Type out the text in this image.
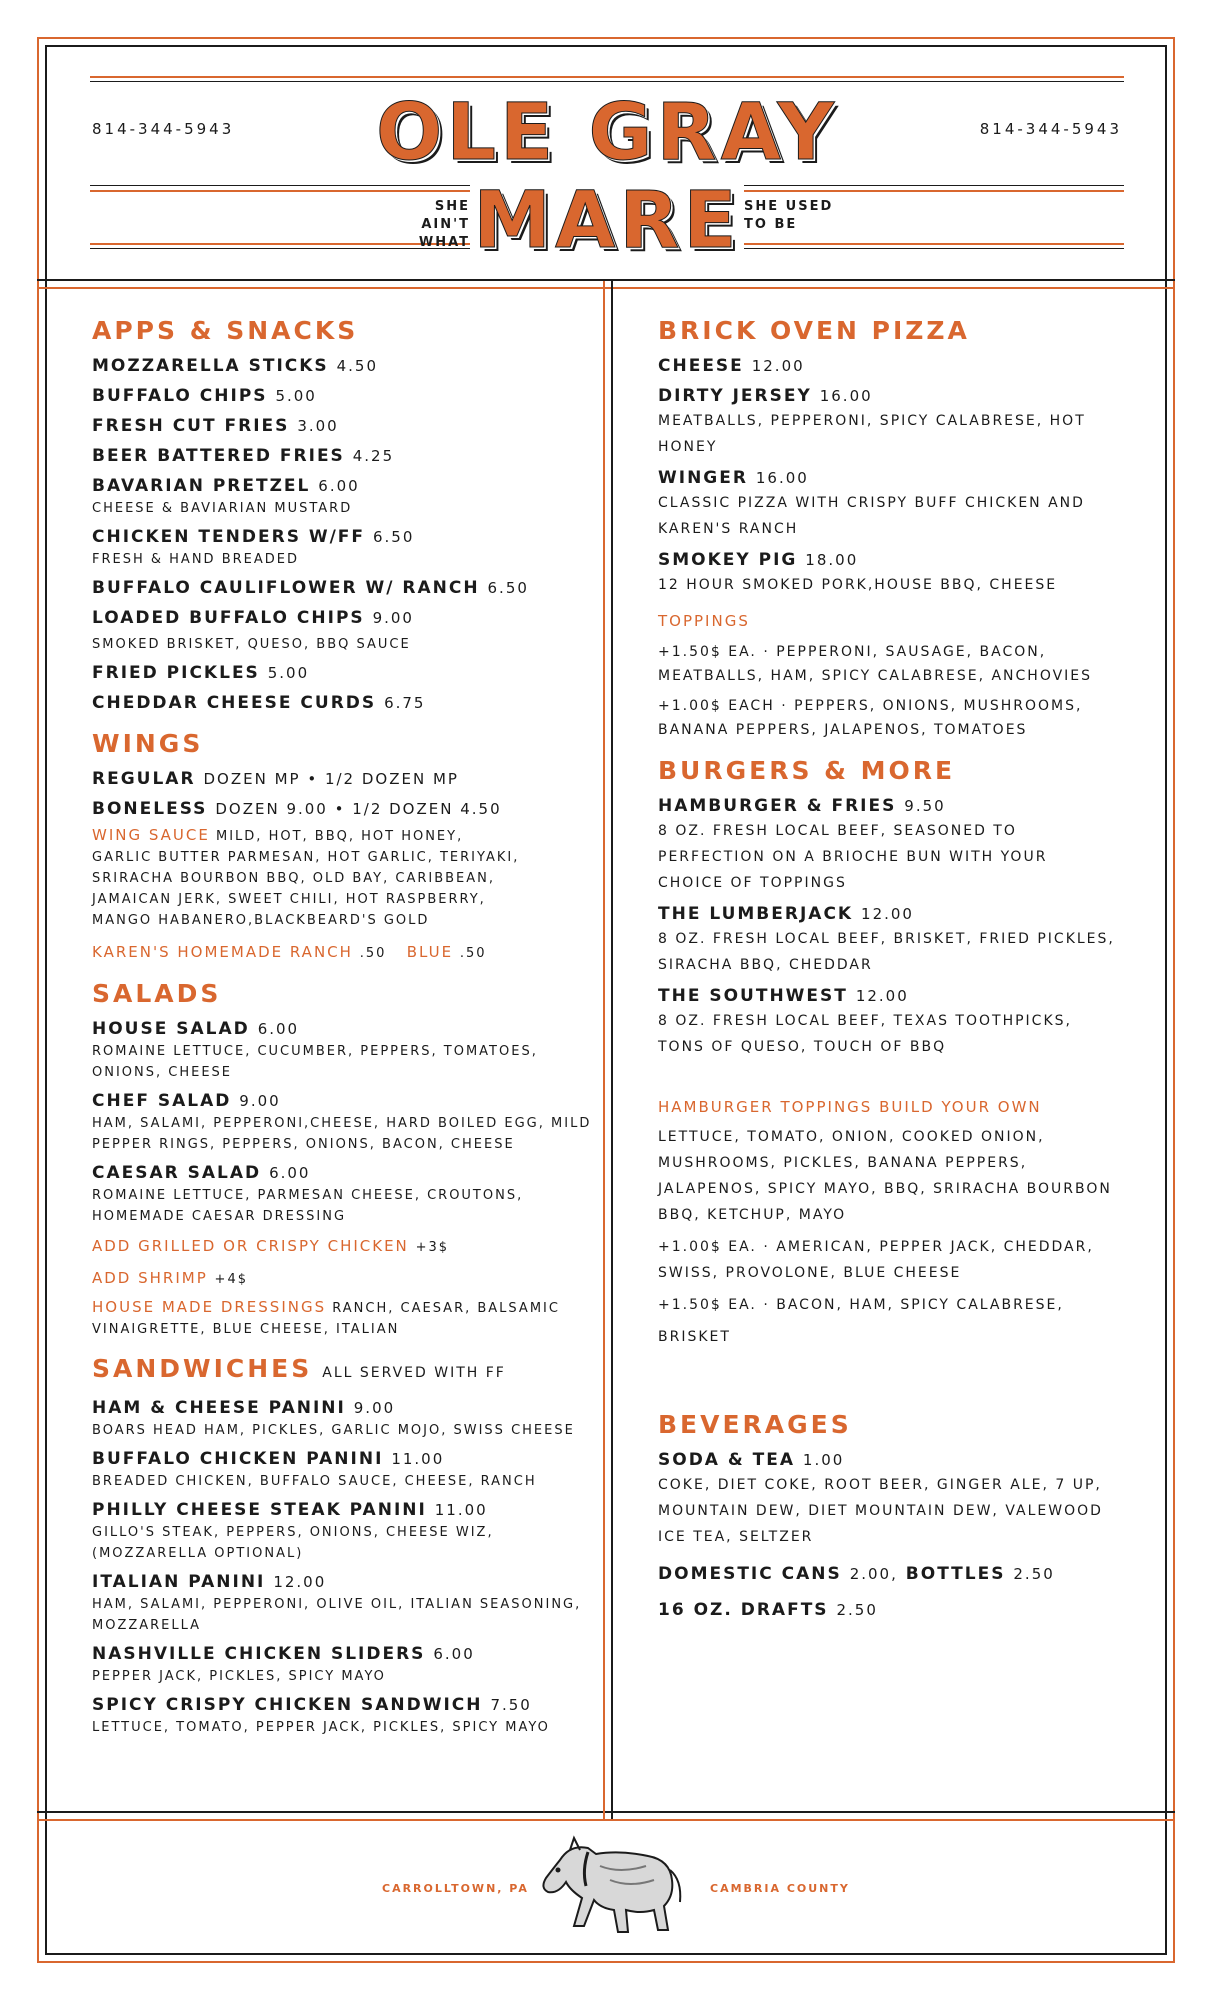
814-344-5943	814-344-5943
OLE GRAY
MARE
SHE AIN'T
WHAT
SHE USED
TO BE
APPS & SNACKS
MOZZARELLA STICKS 4.50
BUFFALO CHIPS 5.00
FRESH CUT FRIES 3.00
BEER BATTERED FRIES 4.25
BAVARIAN PRETZEL 6.00
CHEESE & BAVIARIAN MUSTARD
CHICKEN TENDERS W/FF 6.50
FRESH & HAND BREADED
BUFFALO CAULIFLOWER W/ RANCH 6.50
LOADED BUFFALO CHIPS 9.00
SMOKED BRISKET, QUESO, BBQ SAUCE
FRIED PICKLES 5.00
CHEDDAR CHEESE CURDS 6.75
WINGS
REGULAR DOZEN MP • 1/2 DOZEN MP
BONELESS DOZEN 9.00 • 1/2 DOZEN 4.50
WING SAUCE MILD, HOT, BBQ, HOT HONEY,
GARLIC BUTTER PARMESAN, HOT GARLIC, TERIYAKI,
SRIRACHA BOURBON BBQ, OLD BAY, CARIBBEAN,
JAMAICAN JERK, SWEET CHILI, HOT RASPBERRY,
MANGO HABANERO,BLACKBEARD'S GOLD
KAREN'S HOMEMADE RANCH .50 BLUE .50
SALADS
HOUSE SALAD 6.00
ROMAINE LETTUCE, CUCUMBER, PEPPERS, TOMATOES, ONIONS, CHEESE
CHEF SALAD 9.00
HAM, SALAMI, PEPPERONI,CHEESE, HARD BOILED EGG, MILD PEPPER RINGS, PEPPERS, ONIONS, BACON, CHEESE
CAESAR SALAD 6.00
ROMAINE LETTUCE, PARMESAN CHEESE, CROUTONS, HOMEMADE CAESAR DRESSING
ADD GRILLED OR CRISPY CHICKEN +3$
ADD SHRIMP +4$
HOUSE MADE DRESSINGS RANCH, CAESAR, BALSAMIC VINAIGRETTE, BLUE CHEESE, ITALIAN
SANDWICHES ALL SERVED WITH FF
HAM & CHEESE PANINI 9.00
BOARS HEAD HAM, PICKLES, GARLIC MOJO, SWISS CHEESE
BUFFALO CHICKEN PANINI 11.00
BREADED CHICKEN, BUFFALO SAUCE, CHEESE, RANCH
PHILLY CHEESE STEAK PANINI 11.00
GILLO'S STEAK, PEPPERS, ONIONS, CHEESE WIZ, (MOZZARELLA OPTIONAL)
ITALIAN PANINI 12.00
HAM, SALAMI, PEPPERONI, OLIVE OIL, ITALIAN SEASONING, MOZZARELLA
NASHVILLE CHICKEN SLIDERS 6.00
PEPPER JACK, PICKLES, SPICY MAYO
SPICY CRISPY CHICKEN SANDWICH 7.50
LETTUCE, TOMATO, PEPPER JACK, PICKLES, SPICY MAYO
BRICK OVEN PIZZA
CHEESE 12.00
DIRTY JERSEY 16.00
MEATBALLS, PEPPERONI, SPICY CALABRESE, HOT HONEY
WINGER 16.00
CLASSIC PIZZA WITH CRISPY BUFF CHICKEN AND KAREN'S RANCH
SMOKEY PIG 18.00
12 HOUR SMOKED PORK,HOUSE BBQ, CHEESE
TOPPINGS
+1.50$ EA. · PEPPERONI, SAUSAGE, BACON, MEATBALLS, HAM, SPICY CALABRESE, ANCHOVIES
+1.00$ EACH · PEPPERS, ONIONS, MUSHROOMS, BANANA PEPPERS, JALAPENOS, TOMATOES
BURGERS & MORE
HAMBURGER & FRIES 9.50
8 OZ. FRESH LOCAL BEEF, SEASONED TO PERFECTION ON A BRIOCHE BUN WITH YOUR CHOICE OF TOPPINGS
THE LUMBERJACK 12.00
8 OZ. FRESH LOCAL BEEF, BRISKET, FRIED PICKLES, SIRACHA BBQ, CHEDDAR
THE SOUTHWEST 12.00
8 OZ. FRESH LOCAL BEEF, TEXAS TOOTHPICKS, TONS OF QUESO, TOUCH OF BBQ
HAMBURGER TOPPINGS BUILD YOUR OWN
LETTUCE, TOMATO, ONION, COOKED ONION, MUSHROOMS, PICKLES, BANANA PEPPERS, JALAPENOS, SPICY MAYO, BBQ, SRIRACHA BOURBON BBQ, KETCHUP, MAYO
+1.00$ EA. · AMERICAN, PEPPER JACK, CHEDDAR, SWISS, PROVOLONE, BLUE CHEESE
+1.50$ EA. · BACON, HAM, SPICY CALABRESE,
BRISKET
BEVERAGES
SODA & TEA 1.00
COKE, DIET COKE, ROOT BEER, GINGER ALE, 7 UP, MOUNTAIN DEW, DIET MOUNTAIN DEW, VALEWOOD ICE TEA, SELTZER
DOMESTIC CANS 2.00, BOTTLES 2.50
16 OZ. DRAFTS 2.50
CARROLLTOWN, PA	CAMBRIA COUNTY
